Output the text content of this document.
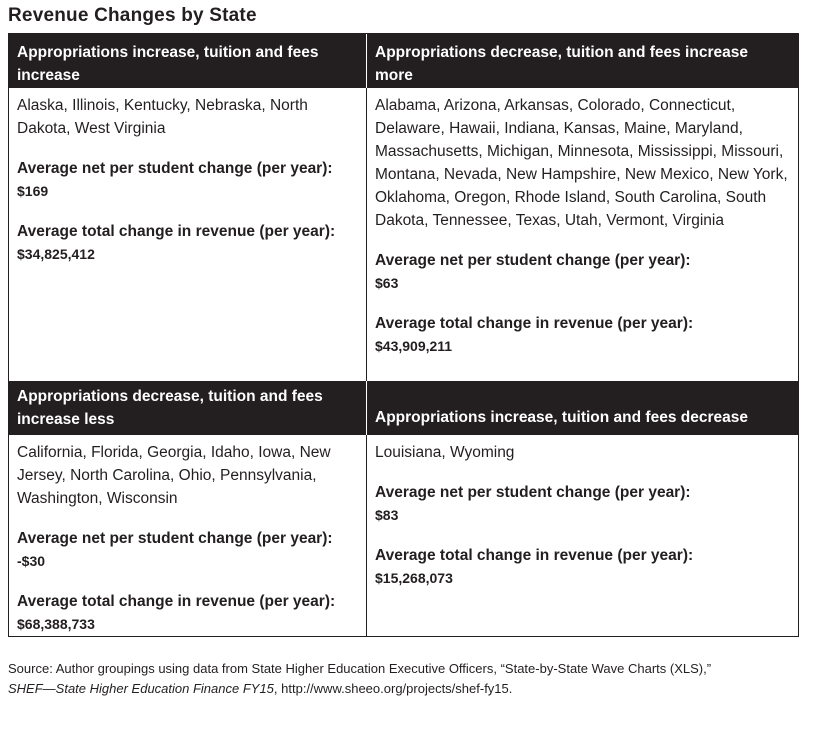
Revenue Changes by State
Appropriations increase, tuition and fees increase
Appropriations decrease, tuition and fees increase more

Alaska, Illinois, Kentucky, Nebraska, North Dakota, West Virginia

Average net per student change (per year):

$169

Average total change in revenue (per year):

$34,825,412

Alabama, Arizona, Arkansas, Colorado, Connecticut, Delaware, Hawaii, Indiana, Kansas, Maine, Maryland, Massachusetts, Michigan, Minnesota, Mississippi, Missouri, Montana, Nevada, New Hampshire, New Mexico, New York, Oklahoma, Oregon, Rhode Island, South Carolina, South Dakota, Tennessee, Texas, Utah, Vermont, Virginia

Average net per student change (per year):

$63

Average total change in revenue (per year):

$43,909,211

Appropriations decrease, tuition and fees increase less	Appropriations increase, tuition and fees decrease

California, Florida, Georgia, Idaho, Iowa, New Jersey, North Carolina, Ohio, Pennsylvania, Washington, Wisconsin

Average net per student change (per year):

-$30

Average total change in revenue (per year):

$68,388,733

Louisiana, Wyoming

Average net per student change (per year):

$83

Average total change in revenue (per year):

$15,268,073

Source: Author groupings using data from State Higher Education Executive Officers, “State-by-State Wave Charts (XLS),”
SHEF—State Higher Education Finance FY15, http://www.sheeo.org/projects/shef-fy15.
